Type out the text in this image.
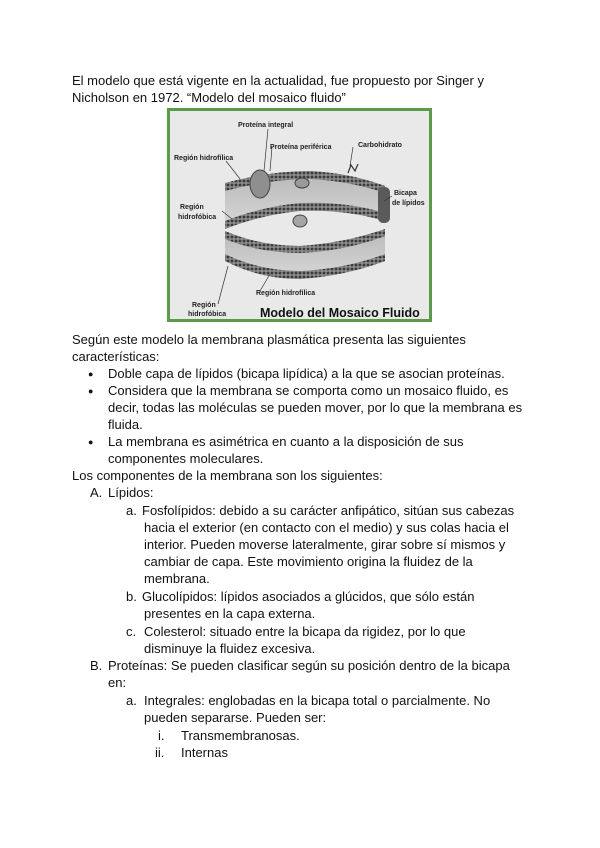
El modelo que está vigente en la actualidad, fue propuesto por Singer y
Nicholson en 1972. “Modelo del mosaico fluido”
Proteína integral
Proteína periférica	Carbohidrato
Región hidrofílica
Región
hidrofóbica
Bicapa
de lípidos
Región hidrofílica
Región
hidrofóbica	Modelo del Mosaico Fluido
Según este modelo la membrana plasmática presenta las siguientes
características:
● Doble capa de lípidos (bicapa lipídica) a la que se asocian proteínas.
● Considera que la membrana se comporta como un mosaico fluido, es
decir, todas las moléculas se pueden mover, por lo que la membrana es
fluida.
● La membrana es asimétrica en cuanto a la disposición de sus
componentes moleculares.
Los componentes de la membrana son los siguientes:
A. Lípidos:
a. Fosfolípidos: debido a su carácter anfipático, sitúan sus cabezas
hacia el exterior (en contacto con el medio) y sus colas hacia el
interior. Pueden moverse lateralmente, girar sobre sí mismos y
cambiar de capa. Este movimiento origina la fluidez de la
membrana.
b. Glucolípidos: lípidos asociados a glúcidos, que sólo están
presentes en la capa externa.
c. Colesterol: situado entre la bicapa da rigidez, por lo que
disminuye la fluidez excesiva.
B. Proteínas: Se pueden clasificar según su posición dentro de la bicapa
en:
a. Integrales: englobadas en la bicapa total o parcialmente. No
pueden separarse. Pueden ser:
i. Transmembranosas.
ii. Internas
